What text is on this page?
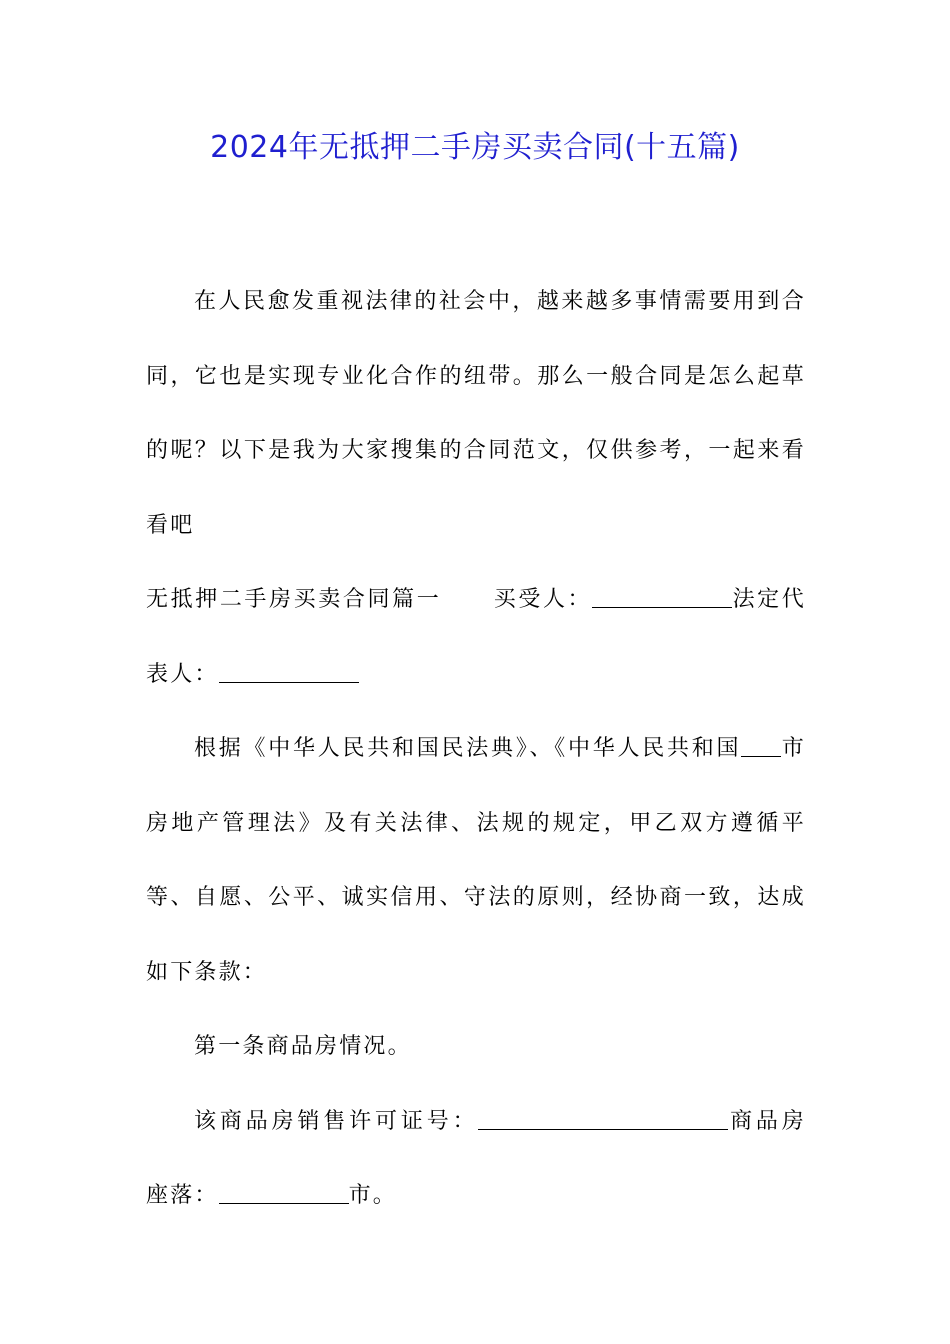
2024年无抵押二手房买卖合同(十五篇)

在人民愈发重视法律的社会中，越来越多事情需要用到合同，它也是实现专业化合作的纽带。那么一般合同是怎么起草的呢？以下是我为大家搜集的合同范文，仅供参考，一起来看看吧

无抵押二手房买卖合同篇一 买受人：	法定代表人：

根据《中华人民共和国民法典》、《中华人民共和国 市房地产管理法》及有关法律、法规的规定，甲乙双方遵循平等、自愿、公平、诚实信用、守法的原则，经协商一致，达成如下条款：

第一条商品房情况。

该商品房销售许可证号：	商品房座落：	市。
